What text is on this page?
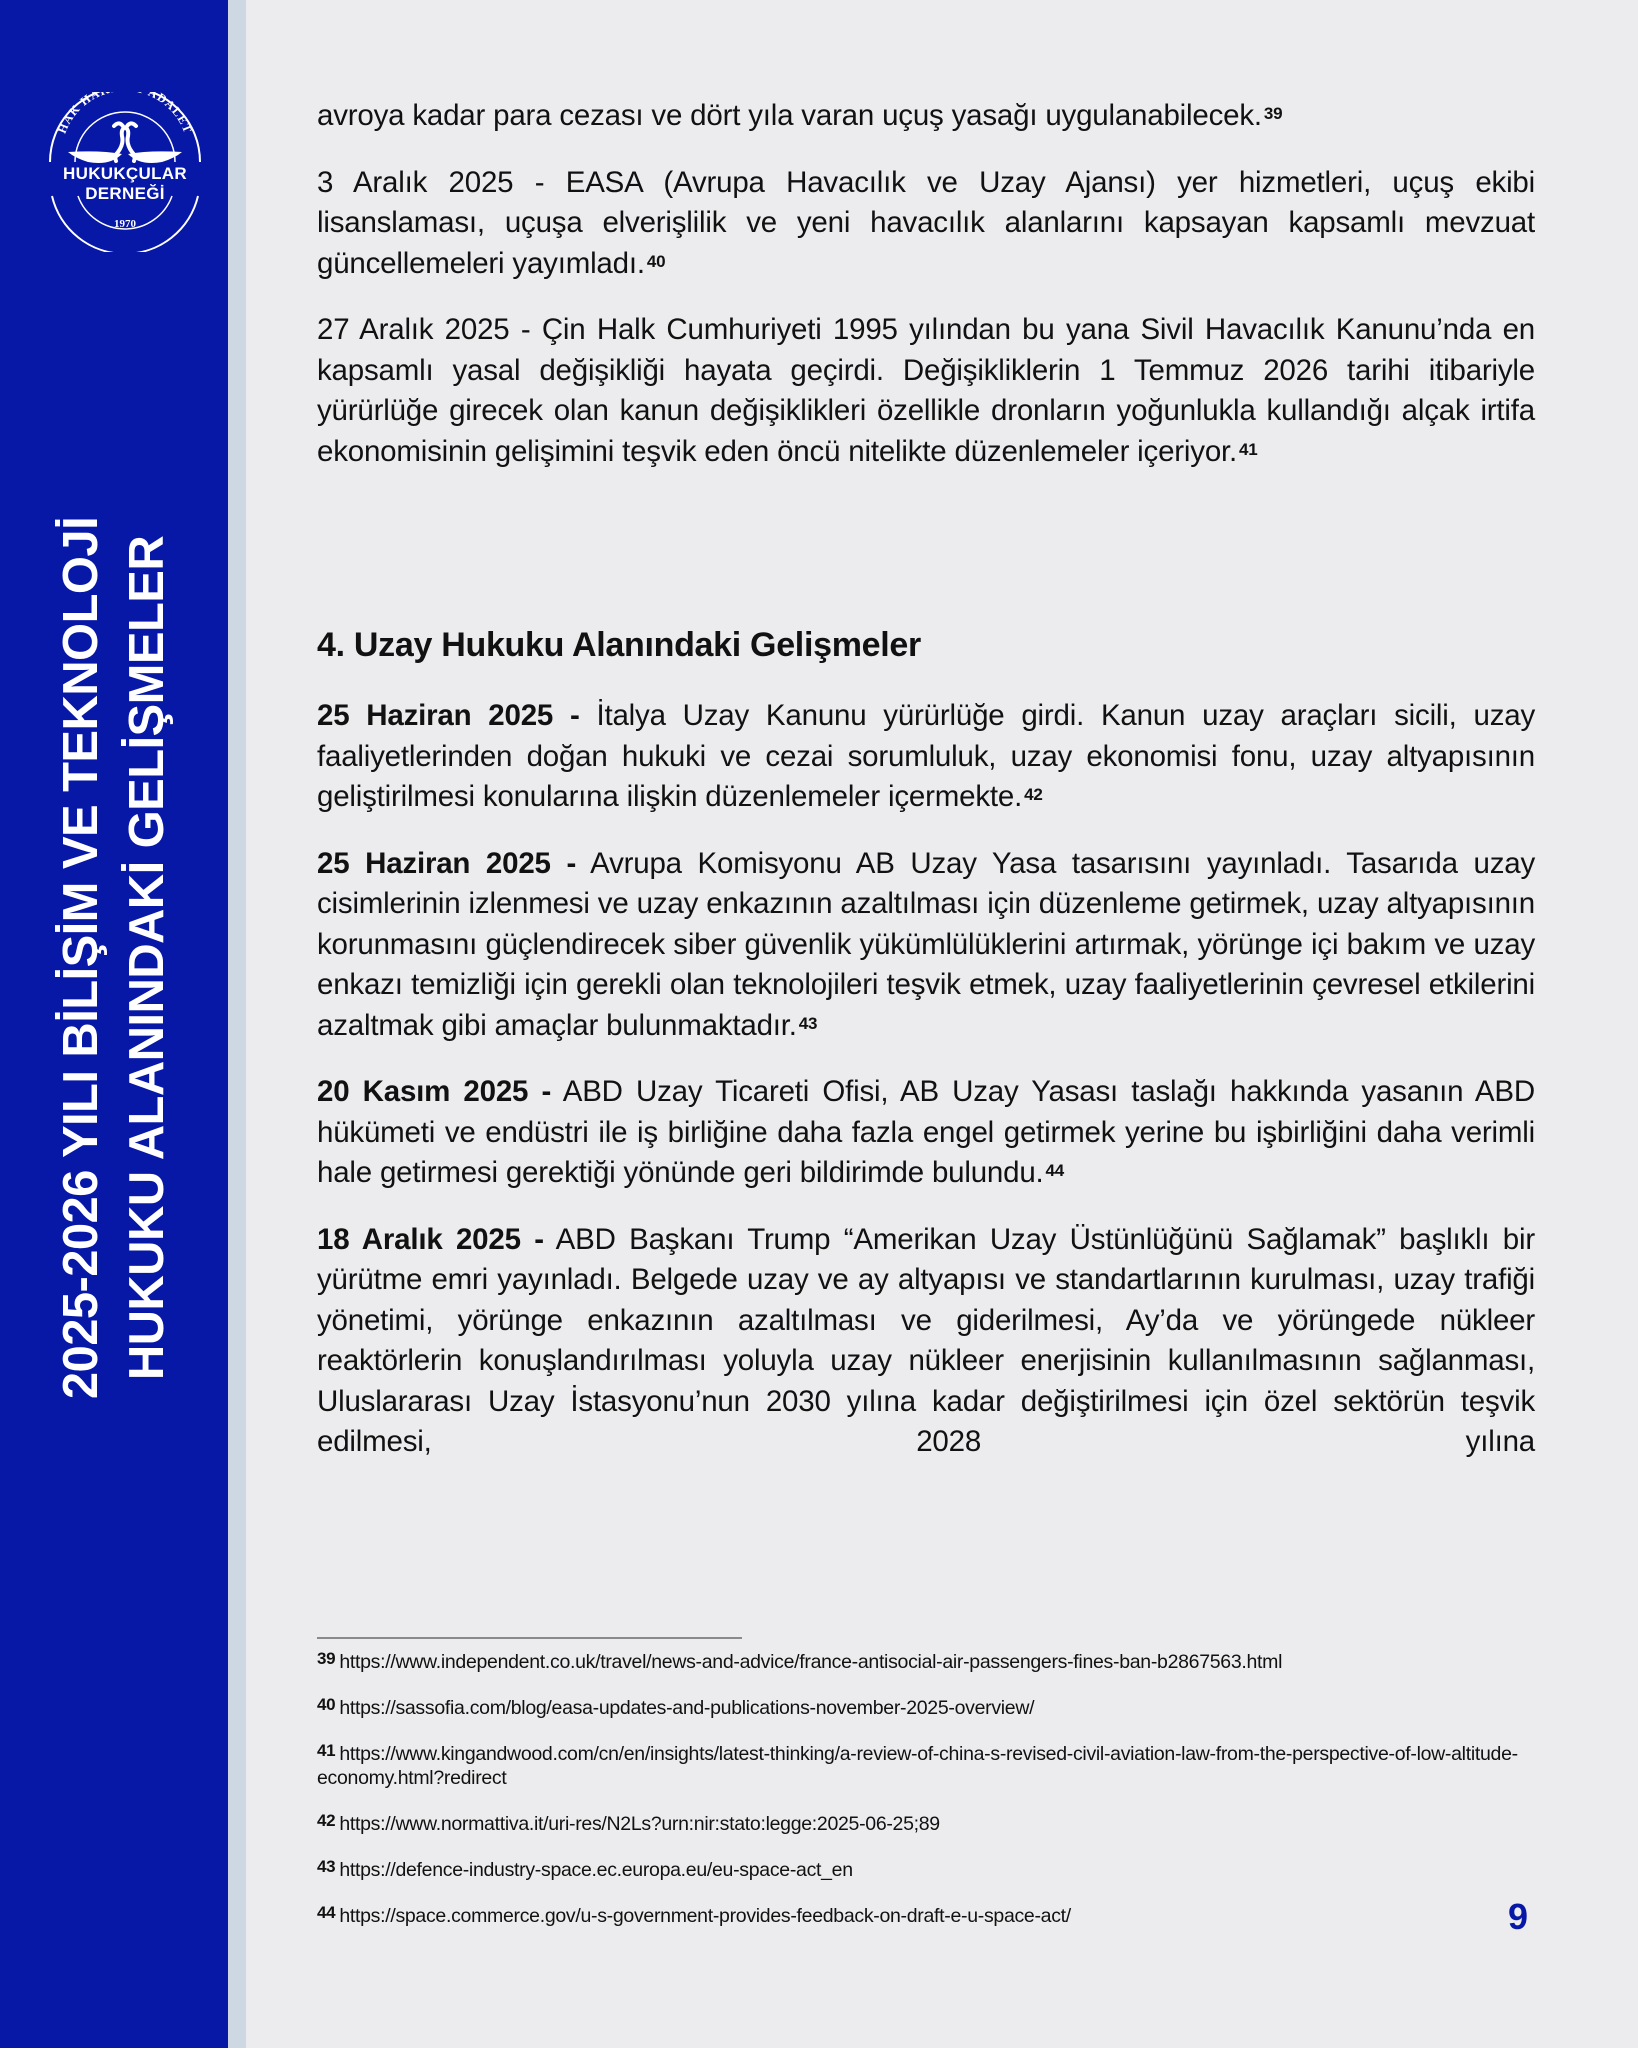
HAK HA ADALET
1970
HUKUKÇULAR DERNEĞİ
2025-2026 YILI BİLİŞİM VE TEKNOLOJİ HUKUKU ALANINDAKİ GELİŞMELER

avroya kadar para cezası ve dört yıla varan uçuş yasağı uygulanabilecek. $^{39}$

3 Aralık 2025 - EASA (Avrupa Havacılık ve Uzay Ajansı) yer hizmetleri, uçuş ekibi lisanslaması, uçuşa elverişlilik ve yeni havacılık alanlarını kapsayan kapsamlı mevzuat güncellemeleri yayımladı. $^{40}$

27 Aralık 2025 - Çin Halk Cumhuriyeti 1995 yılından bu yana Sivil Havacılık Kanunu’nda en kapsamlı yasal değişikliği hayata geçirdi. Değişikliklerin 1 Temmuz 2026 tarihi itibariyle yürürlüğe girecek olan kanun değişiklikleri özellikle dronların yoğunlukla kullandığı alçak irtifa ekonomisinin gelişimini teşvik eden öncü nitelikte düzenlemeler içeriyor. $^{41}$

4. Uzay Hukuku Alanındaki Gelişmeler

25 Haziran 2025 - İtalya Uzay Kanunu yürürlüğe girdi. Kanun uzay araçları sicili, uzay faaliyetlerinden doğan hukuki ve cezai sorumluluk, uzay ekonomisi fonu, uzay altyapısının geliştirilmesi konularına ilişkin düzenlemeler içermekte. $^{42}$

25 Haziran 2025 - Avrupa Komisyonu AB Uzay Yasa tasarısını yayınladı. Tasarıda uzay cisimlerinin izlenmesi ve uzay enkazının azaltılması için düzenleme getirmek, uzay altyapısının korunmasını güçlendirecek siber güvenlik yükümlülüklerini artırmak, yörünge içi bakım ve uzay enkazı temizliği için gerekli olan teknolojileri teşvik etmek, uzay faaliyetlerinin çevresel etkilerini azaltmak gibi amaçlar bulunmaktadır. $^{43}$

20 Kasım 2025 - ABD Uzay Ticareti Ofisi, AB Uzay Yasası taslağı hakkında yasanın ABD hükümeti ve endüstri ile iş birliğine daha fazla engel getirmek yerine bu işbirliğini daha verimli hale getirmesi gerektiği yönünde geri bildirimde bulundu. $^{44}$

18 Aralık 2025 - ABD Başkanı Trump “Amerikan Uzay Üstünlüğünü Sağlamak” başlıklı bir yürütme emri yayınladı. Belgede uzay ve ay altyapısı ve standartlarının kurulması, uzay trafiği yönetimi, yörünge enkazının azaltılması ve giderilmesi, Ay’da ve yörüngede nükleer reaktörlerin konuşlandırılması yoluyla uzay nükleer enerjisinin kullanılmasının sağlanması, Uluslararası Uzay İstasyonu’nun 2030 yılına kadar değiştirilmesi için özel sektörün teşvik edilmesi, 2028 yılına

39 https://www.independent.co.uk/travel/news-and-advice/france-antisocial-air-passengers-fines-ban-b2867563.html
40 https://sassofia.com/blog/easa-updates-and-publications-november-2025-overview/
41 https://www.kingandwood.com/cn/en/insights/latest-thinking/a-review-of-china-s-revised-civil-aviation-law-from-the-perspective-of-low-altitude-economy.html?redirect
42 https://www.normattiva.it/uri-res/N2Ls?urn:nir:stato:legge:2025-06-25;89
43 https://defence-industry-space.ec.europa.eu/eu-space-act_en
44 https://space.commerce.gov/u-s-government-provides-feedback-on-draft-e-u-space-act/	9
